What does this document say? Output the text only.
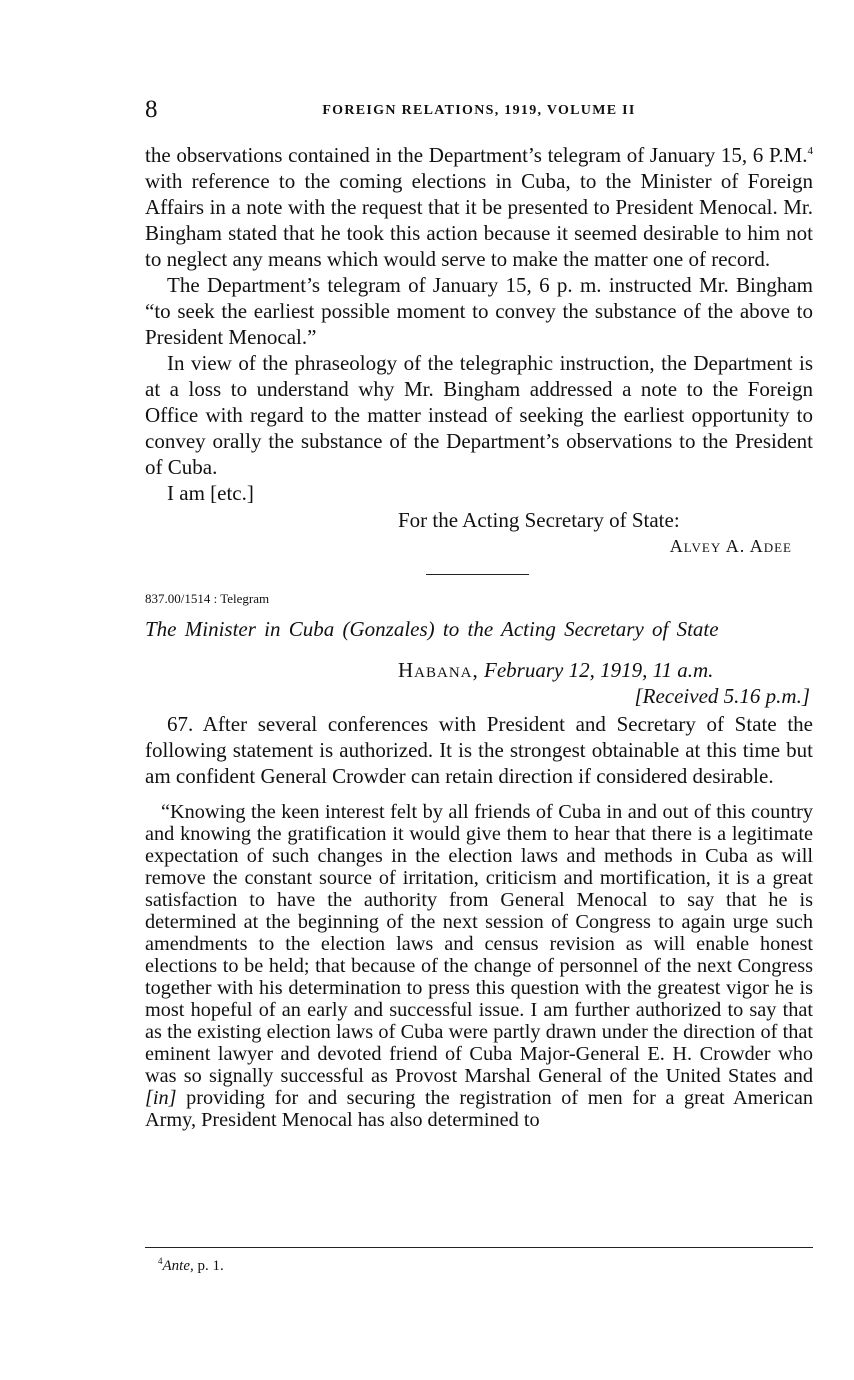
8	FOREIGN RELATIONS, 1919, VOLUME II

the observations contained in the Department’s telegram of January 15, 6 P.M.$^4$ with reference to the coming elections in Cuba, to the Minister of Foreign Affairs in a note with the request that it be presented to President Menocal. Mr. Bingham stated that he took this action because it seemed desirable to him not to neglect any means which would serve to make the matter one of record.

The Department’s telegram of January 15, 6 p. m. instructed Mr. Bingham “to seek the earliest possible moment to convey the substance of the above to President Menocal.”

In view of the phraseology of the telegraphic instruction, the Department is at a loss to understand why Mr. Bingham addressed a note to the Foreign Office with regard to the matter instead of seeking the earliest opportunity to convey orally the substance of the Department’s observations to the President of Cuba.

I am [etc.]

For the Acting Secretary of State:

Alvey A. Adee

837.00/1514 : Telegram

The Minister in Cuba (Gonzales) to the Acting Secretary of State

Habana, February 12, 1919, 11 a.m.

[Received 5.16 p.m.]

67. After several conferences with President and Secretary of State the following statement is authorized. It is the strongest obtainable at this time but am confident General Crowder can retain direction if considered desirable.

“Knowing the keen interest felt by all friends of Cuba in and out of this country and knowing the gratification it would give them to hear that there is a legitimate expectation of such changes in the election laws and methods in Cuba as will remove the constant source of irritation, criticism and mortification, it is a great satisfaction to have the authority from General Menocal to say that he is determined at the beginning of the next session of Congress to again urge such amendments to the election laws and census revision as will enable honest elections to be held; that because of the change of personnel of the next Congress together with his determination to press this question with the greatest vigor he is most hopeful of an early and successful issue. I am further authorized to say that as the existing election laws of Cuba were partly drawn under the direction of that eminent lawyer and devoted friend of Cuba Major-General E. H. Crowder who was so signally successful as Provost Marshal General of the United States and [in] providing for and securing the registration of men for a great American Army, President Menocal has also determined to

$^4$Ante, p. 1.
